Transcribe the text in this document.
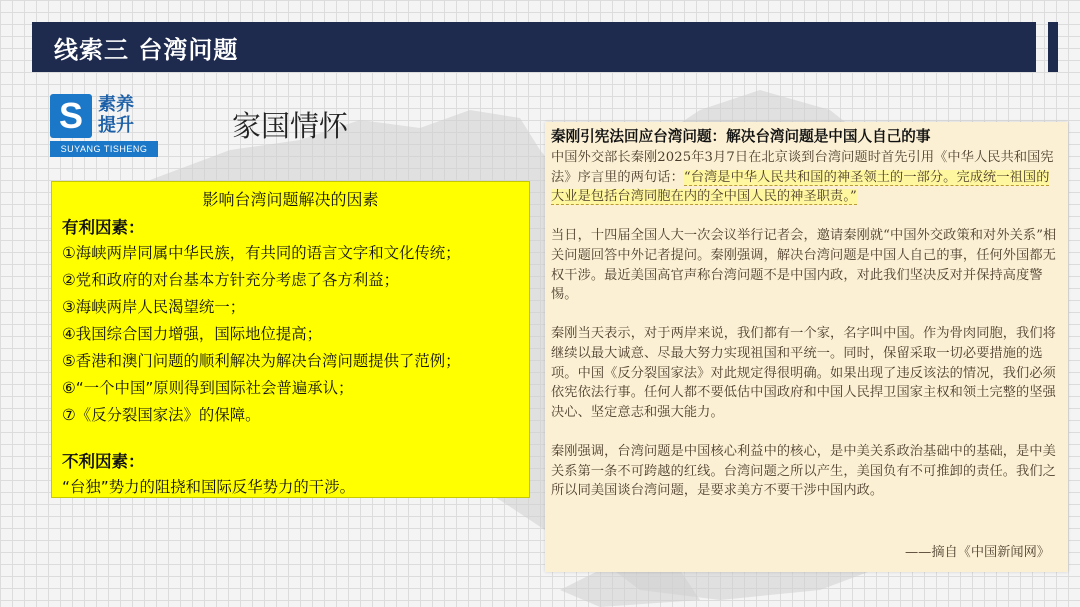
线索三 台湾问题
S 素养
提升
SUYANG TISHENG
家国情怀
影响台湾问题解决的因素
有利因素：
①海峡两岸同属中华民族，有共同的语言文字和文化传统；
②党和政府的对台基本方针充分考虑了各方利益；
③海峡两岸人民渴望统一；
④我国综合国力增强，国际地位提高；
⑤香港和澳门问题的顺利解决为解决台湾问题提供了范例；
⑥“一个中国”原则得到国际社会普遍承认；
⑦《反分裂国家法》的保障。
不利因素：
“台独”势力的阻挠和国际反华势力的干涉。
秦刚引宪法回应台湾问题：解决台湾问题是中国人自己的事

中国外交部长秦刚2025年3月7日在北京谈到台湾问题时首先引用《中华人民共和国宪法》序言里的两句话：“台湾是中华人民共和国的神圣领土的一部分。完成统一祖国的大业是包括台湾同胞在内的全中国人民的神圣职责。”

当日，十四届全国人大一次会议举行记者会，邀请秦刚就“中国外交政策和对外关系”相关问题回答中外记者提问。秦刚强调，解决台湾问题是中国人自己的事，任何外国都无权干涉。最近美国高官声称台湾问题不是中国内政，对此我们坚决反对并保持高度警惕。

秦刚当天表示，对于两岸来说，我们都有一个家，名字叫中国。作为骨肉同胞，我们将继续以最大诚意、尽最大努力实现祖国和平统一。同时，保留采取一切必要措施的选项。中国《反分裂国家法》对此规定得很明确。如果出现了违反该法的情况，我们必须依宪依法行事。任何人都不要低估中国政府和中国人民捍卫国家主权和领土完整的坚强决心、坚定意志和强大能力。

秦刚强调，台湾问题是中国核心利益中的核心，是中美关系政治基础中的基础，是中美关系第一条不可跨越的红线。台湾问题之所以产生，美国负有不可推卸的责任。我们之所以同美国谈台湾问题，是要求美方不要干涉中国内政。

——摘自《中国新闻网》
